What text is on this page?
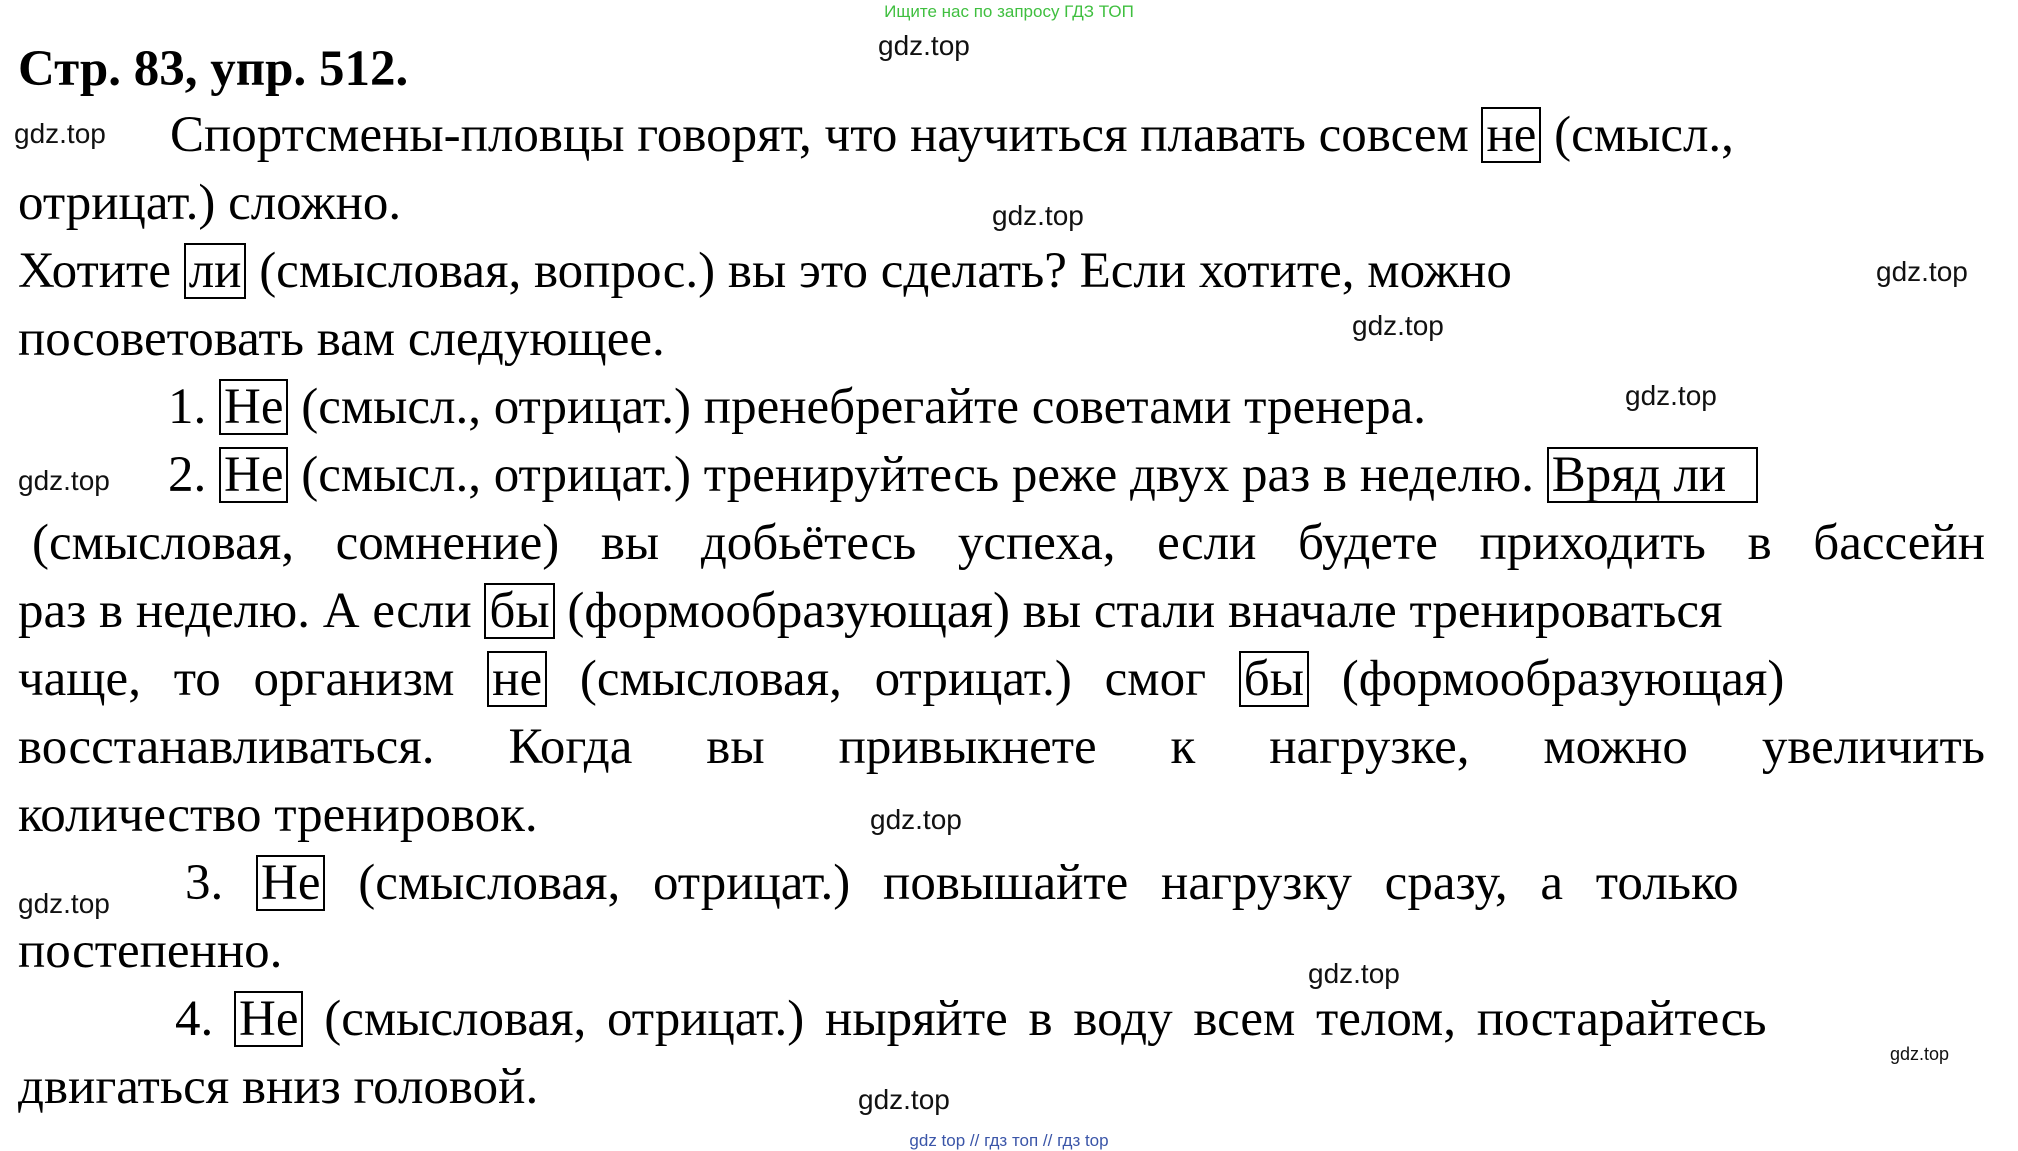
Ищите нас по запросу ГДЗ ТОП
Стр. 83, упр. 512.
Спортсмены-пловцы говорят, что научиться плавать совсем не (смысл.,
отрицат.) сложно.
Хотите ли (смысловая, вопрос.) вы это сделать? Если хотите, можно
посоветовать вам следующее.
1. Не (смысл., отрицат.) пренебрегайте советами тренера.
2. Не (смысл., отрицат.) тренируйтесь реже двух раз в неделю. Вряд ли
(смысловая, сомнение) вы добьётесь успеха, если будете приходить в бассейн
раз в неделю. А если бы (формообразующая) вы стали вначале тренироваться
чаще, то организм не (смысловая, отрицат.) смог бы (формообразующая)
восстанавливаться. Когда вы привыкнете к нагрузке, можно увеличить
количество тренировок.
3. Не (смысловая, отрицат.) повышайте нагрузку сразу, а только
постепенно.
4. Не (смысловая, отрицат.) ныряйте в воду всем телом, постарайтесь
двигаться вниз головой.
gdz.top
gdz.top
gdz.top
gdz.top
gdz.top
gdz.top
gdz.top
gdz.top
gdz.top
gdz.top
gdz.top
gdz.top
gdz top // гдз топ // гдз top
